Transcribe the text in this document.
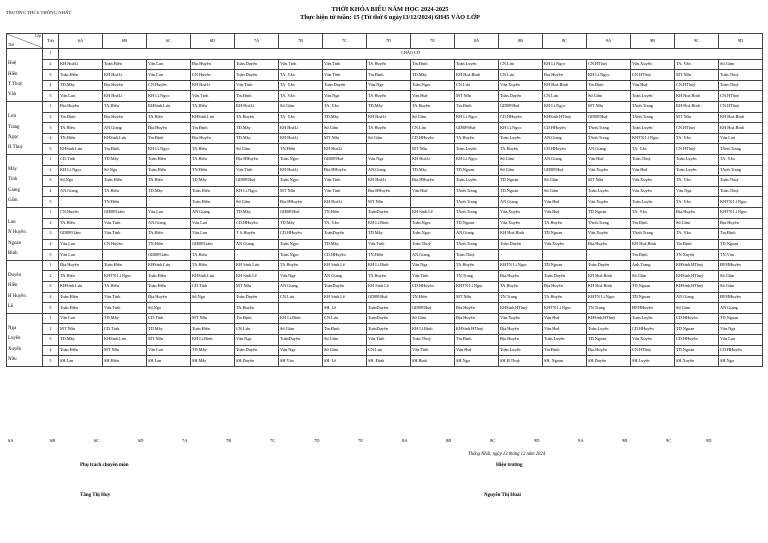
TRƯỜNG THCS THỐNG NHẤT	THỜI KHÓA BIỂU NĂM HỌC 2024-2025
Thực hiện từ tuần: 15 (Từ thứ 6 ngày13/12/2024) 6H45 VÀO LỚP
Lớp
Thứ	Tiết	6A	6B	6C	6D	7A	7B	7C	7D	7E	8A	8B	8C	9A	9B	9C	9D
	1	CHÀO CỜ															
Huệ	2	KH HoáLí	Toán.Hiền	Văn.Lan	Địa.Huyền	Toán.Duyên	Văn.Tỉnh	Văn.Tỉnh	TA.Huyền	Tin.Định	Toán.Luyến	CN.Lưu	KH Lí.Ngọc	CN.HThuỳ	Văn.Xuyến	TA. Vân	Sử.Gấm
Hiền	3	Toán.Hiền	KH HoáLí	Văn.Lan	CN.Huyền	Toán.Duyên	TA. Vân	Văn.Tỉnh	Tin.Định	TD.Mây	KH Hoá.Bình	CN.Lưu	Địa.Huyền	KH Lí.Ngọc	CN.HThuỳ	MT Nữu	Toán.Thuỳ
T Thuỳ	4	TD.Mây	Địa.Huyền	CN.Huyền	KH HoáLí	Văn.Tỉnh	TA. Vân	Toán.Duyên	Văn.Nga	Toán.Ngọc	CN.Lưu	Văn.Xuyến	KH Hoá.Bình	Tin.Định	Văn.Huệ	CN.HThuỳ	Toán.Thuỳ
Vân	5	Văn.Lan	KH HoáLí	KH Lí.Ngọc	Văn.Tỉnh	Tin.Định	TA. Vân	Văn.Nga	TA.Huyền	Văn.Huệ	MT Nữu	Toán.Duyên	CN.Lưu	Sử.Gấm	Toán.Luyến	KH Hoá.Bình	CN.HThuỳ
	1	Địa.Huyền	TA.Hiếu	KHSinh.Lưu	TA.Hiếu	KH HoáLí	Sử.Gấm	TA. Vân	TD.Mây	TA.Huyền	Tin.Định	GDĐP.Huệ	KH Lí.Ngọc	MT Nữu	TAnh.Trang	KH Hoá.Bình	CN.HThuỳ
Lưu	2	Tin.Định	Địa.Huyền	TA.Hiếu	KHSinh.Lưu	TA.Huyền	TA. Vân	TD.Mây	KH HoáLí	Sử.Gấm	KH Lí.Ngọc	CD.HHuyền	KHSinh.HThuỳ	GDĐP.Huệ	TAnh.Trang	MT Nữu	KH Hoá.Bình
Trang	3	TA.Hiếu	AN.Giang	Địa.Huyền	Tin.Định	TD.Mây	KH HoáLí	Sử.Gấm	TA.Huyền	CN.Lưu	GDĐP.Huệ	KH Lí.Ngọc	CD.HHuyền	TAnh.Trang	Toán.Luyến	CN.HThuỳ	KH Hoá.Bình
Ngọc	4	TN.Hiền	KHSinh.Lưu	Tin.Định	Địa.Huyền	TD.Mây	KH HoáLí	MT Nữu	Sử.Gấm	CD.HHuyền	TA.Huyền	Toán.Luyến	AN.Giang	TAnh.Trang	KHTN Lí.Ngọc	TA. Vân	Văn.Lan
H Thuỳ	5	KHSinh.Lưu	Tin.Định	KH Lí.Ngọc	TA.Hiếu	Sử.Gấm	TN.Hiền	KH HoáLí		MT Nữu	Toán.Luyến	TA.Huyền	CD.HHuyền	AN.Giang	TA. Vân	CN.HThuỳ	TAnh.Trang
	1	CD.Tỉnh	TD.Mây	Toán.Hiền	TA.Hiếu	Địa.HHuyền	Toán.Ngọc	GDĐP.Huệ	Văn.Nga	KH HoáLí	KH Lí.Ngọc	Sử.Gấm	AN.Giang	Văn.Huệ	Toán.Thuỳ	Toán.Luyến	TA. Vân
Mây	2	KH Lí.Ngọc	Sử.Nga	Toán.Hiền	TN.Hiền	Văn.Tỉnh	KH HoáLí	Địa.HHuyền	AN.Giang	TD.Mây	TD.Ngoan	Sử.Gấm	GDĐP.Huệ	Văn.Xuyến	Văn.Huệ	Toán.Luyến	TAnh.Trang
Tỉnh	3	Sử.Nga	Toán.Hiền	TA.Hiếu	TD.Mây	GDĐP.Huệ	Toán.Ngọc	Văn.Tỉnh	KH HoáLí	Địa.HHuyền	Toán.Luyến	TD.Ngoan	Sử.Gấm	MT Nữu	Văn.Xuyến	TA. Vân	Toán.Thuỳ
Giang	4	AN.Giang	TA.Hiếu	TD.Mây	Toán.Hiền	KH Lí.Ngọc	MT Nữu	Văn.Tỉnh	Địa.HHuyền	Văn.Huệ	TAnh.Trang	TD.Ngoan	Sử.Gấm	Toán.Luyến	Văn.Xuyến	Văn.Nga	Toán.Thuỳ
Gấm	5		TN.Hiền		Toán.Hiền	Sử.Gấm	Địa.HHuyền	KH HoáLí	MT Nữu		TAnh.Trang	AN.Giang	Văn.Huệ	Văn.Xuyến	Toán.Luyến	TA. Vân	KHTN Lí.Ngọc
	1	CN.Huyền	GDĐP.Gấm	Văn.Lan	AN.Giang	TD.Mây	GDĐP.Huệ	TN.Hiền	ToánDuyên	KH Sinh.Lê	TAnh.Trang	Văn.Xuyến	Văn.Huệ	TD.Ngoan	TA. Vân	Địa.Huyền	KHTN Lí.Ngọc
Lan	2	TA.Hiếu	Văn.Tỉnh	AN.Giang	Văn.Lan	CD.HHuyền	TD.Mây	TA. Vân	KH Lí.Bình	Toán.Ngọc	TD.Ngoan	Văn.Xuyến	TA.Huyền	TAnh.Trang	Tin.Định	Sử.Gấm	Địa.Huyền
N Huyền	3	GDĐP.Gấm	Văn.Tỉnh	TA.Hiếu	Văn.Lan	T A.Huyền	CD.HHuyền	ToánDuyên	TD.Mây	Toán.Ngọc	AN.Giang	KH Hoá.Bình	TD.Ngoan	Văn.Xuyến	TAnh.Trang	TA. Vân	Tin.Định
Ngoan	4	Văn.Lan	CN.Huyền	TN.Hiền	GDĐP.Gấm	AN.Giang	Toán.Ngọc	TD.Mây	Văn.Tỉnh	Toán.Thuỳ	TAnh.Trang	Toán.Duyên	Văn.Xuyến	Địa.Huyền	KH Hoá.Bình	Tin.Định	TD.Ngoan
Bình	5	Văn.Lan		GDĐP.Gấm	TA.Hiếu		Toán.Ngọc	CD.HHuyền	TN.Hiền	AN.Giang	Toán.Thuỳ				Tin.Định	TN.Xuyến	TN.Văn
	1	Địa.Huyền	Toán.Hiền	KHSinh.Lưu	TA.Hiếu	KH Sinh.Lưu	TA.Huyền	KH Sinh.Lê	KH Lí.Bình	Văn.Nga	TA.Huyền	KHTN Lí.Ngọc	TD.Ngoan	Toán.Duyên	Anh.Trang	KHSinh.HThuỳ	ĐP.HHuyền
Duyên	2	TA.Hiếu	KHTN Lí.Ngọc	Toán.Hiền	KHSinh.Lưu	KH Sinh.Lê	Văn.Nga	AN.Giang	TA.Huyền	Văn.Tỉnh	TN.Trang	Địa.Huyền	Toán.Duyên	KH Hoá.Bình	Sử.Gấm	KHSinh.HThuỳ	Sử.Gấm
Hiền	3	KHSinh.Lưu	TA.Hiếu	Toán.Hiền	CD.Tỉnh	MT Nữu	AN.Giang	ToánDuyên	KH Sinh.Lê	CD.HHuyền	KHTN Lí.Ngọc	TA.Huyền	Địa.Huyền	KH Hoá.Bình	TD.Ngoan	KHSinh.HThuỳ	Sử.Gấm
H Huyền	4	Toán.Hiền	Văn.Tỉnh	Địa.Huyền	Sử.Nga	Toán.Duyên	CN.Lưu	KH Sinh.Lê	GDĐP.Huệ	TN.Hiền	MT Nữu	TN.Trang	TA.Huyền	KHTN Lí.Ngọc	TD.Ngoan	AN.Giang	ĐP.HHuyền
Lê	5	Toán.Hiền	Văn.Tỉnh	Sử.Nga		TA.Huyền		SH. Lê	ToánDuyên	GDĐP.Huệ	Địa.Huyền	KHSinh.HThuỳ	KHTN Lí.Ngọc	TN.Trang	ĐP.HHuyền	Sử.Gấm	AN.Giang
	1	Văn.Lan	TD.Mây	CD.Tỉnh	MT Nữu	Tin.Định	KH Lí.Bình	CN.Lưu	ToánDuyên	Sử.Gấm	Địa.Huyền	Văn.Xuyến	Văn.Huệ	KHSinh.HThuỳ	Toán.Luyến	CD.HHuyền	TD.Ngoan
Nga	2	MT Nữu	CD.Tỉnh	TD.Mây	Toán.Hiền	CN.Lưu	Sử.Gấm	Tin.Định	ToánDuyên	KH Lí.Bình	KHSinh.HThuỳ	Địa.Huyền	Văn.Huệ	Toán.Luyến	CD.HHuyền	TD.Ngoan	Văn.Nga
Luyến	3	TD.Mây	KHSinh.Lưu	MT Nữu	KH Lí.Bình	Văn.Nga	ToánDuyên	Sử.Gấm	Văn.Tỉnh	Toán.Thuỳ	Tin.Định	Địa.Huyền	Toán.Luyến	TD.Ngoan	Văn.Xuyến	CD.HHuyền	Văn.Lan
Xuyến	4	Toán.Hiền	MT Nữu	Văn.Lan	TD.Mây	Toán.Duyên	Văn.Nga	Sử.Gấm	CN.Lưu	Văn.Tỉnh	Văn.Huệ	Toán.Luyến	Tin.Định	Địa.Huyền	CN.HThuỳ	TD.Ngoan	CD.HHuyền
Nữu	5	SH.Lan	SH.Hiền	SH Lan	SH.Mây	SH.Duyên	SH Văn	SH. Lê	SH. Định	SH.Bình	SH.Nga	SH.H Thuỳ	SH. Ngoan	SH.Duyên	SH.Luyến	SH.Xuyến	SH.Nga
6A	6B	6C	6D	7A	7B	7C	7D	7E	8A	8B	8C	9D	9A	9B	9C	9D
Thống Nhất, ngày 13 tháng 12 năm 2024
Phụ trách chuyên môn	Hiệu trưởng
Tăng Thị Huy	Nguyễn Thị Huài
